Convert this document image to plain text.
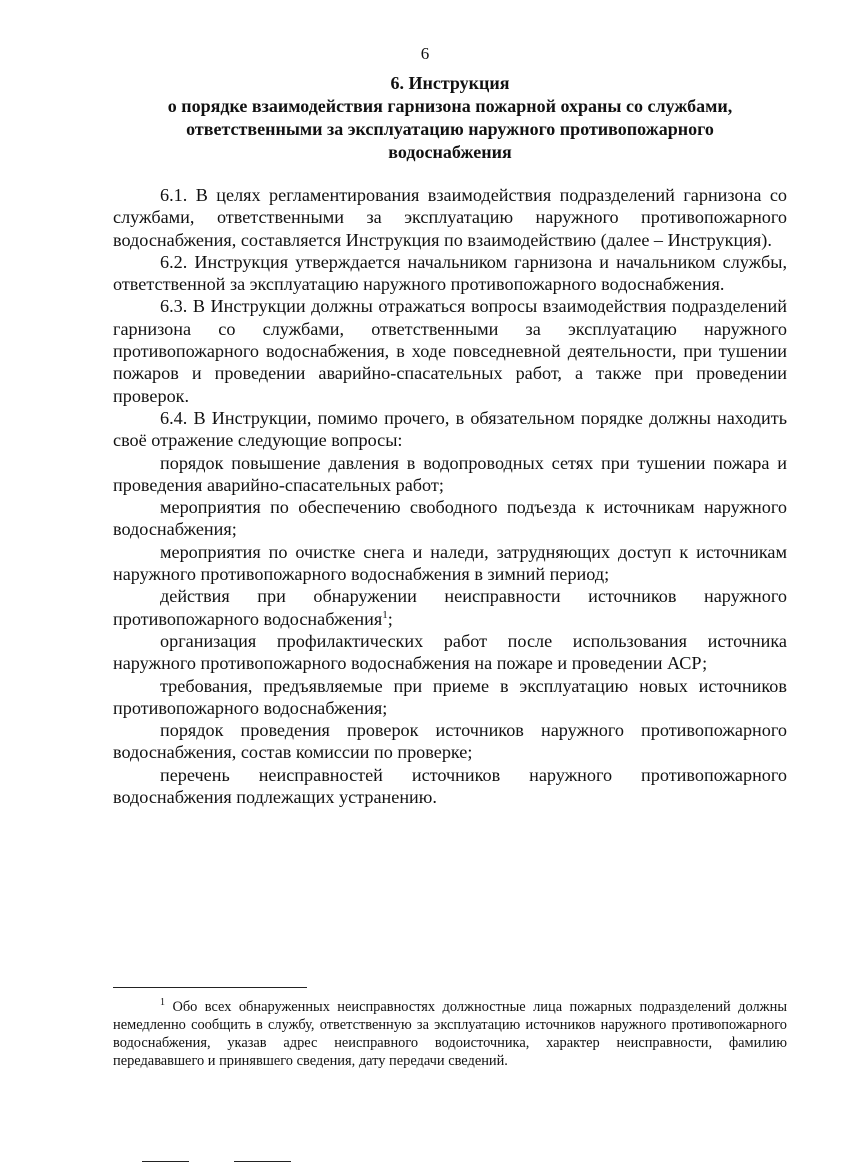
6
6. Инструкция
о порядке взаимодействия гарнизона пожарной охраны со службами,
ответственными за эксплуатацию наружного противопожарного
водоснабжения

6.1. В целях регламентирования взаимодействия подразделений гарнизона со службами, ответственными за эксплуатацию наружного противопожарного водоснабжения, составляется Инструкция по взаимодействию (далее – Инструкция).

6.2. Инструкция утверждается начальником гарнизона и начальником службы, ответственной за эксплуатацию наружного противопожарного водоснабжения.

6.3. В Инструкции должны отражаться вопросы взаимодействия подразделений гарнизона со службами, ответственными за эксплуатацию наружного противопожарного водоснабжения, в ходе повседневной деятельности, при тушении пожаров и проведении аварийно-спасательных работ, а также при проведении проверок.

6.4. В Инструкции, помимо прочего, в обязательном порядке должны находить своё отражение следующие вопросы:

порядок повышение давления в водопроводных сетях при тушении пожара и проведения аварийно-спасательных работ;

мероприятия по обеспечению свободного подъезда к источникам наружного водоснабжения;

мероприятия по очистке снега и наледи, затрудняющих доступ к источникам наружного противопожарного водоснабжения в зимний период;

действия при обнаружении неисправности источников наружного противопожарного водоснабжения$^1$;

организация профилактических работ после использования источника наружного противопожарного водоснабжения на пожаре и проведении АСР;

требования, предъявляемые при приеме в эксплуатацию новых источников противопожарного водоснабжения;

порядок проведения проверок источников наружного противопожарного водоснабжения, состав комиссии по проверке;

перечень неисправностей источников наружного противопожарного водоснабжения подлежащих устранению.

$^1$ Обо всех обнаруженных неисправностях должностные лица пожарных подразделений должны немедленно сообщить в службу, ответственную за эксплуатацию источников наружного противопожарного водоснабжения, указав адрес неисправного водоисточника, характер неисправности, фамилию передававшего и принявшего сведения, дату передачи сведений.
